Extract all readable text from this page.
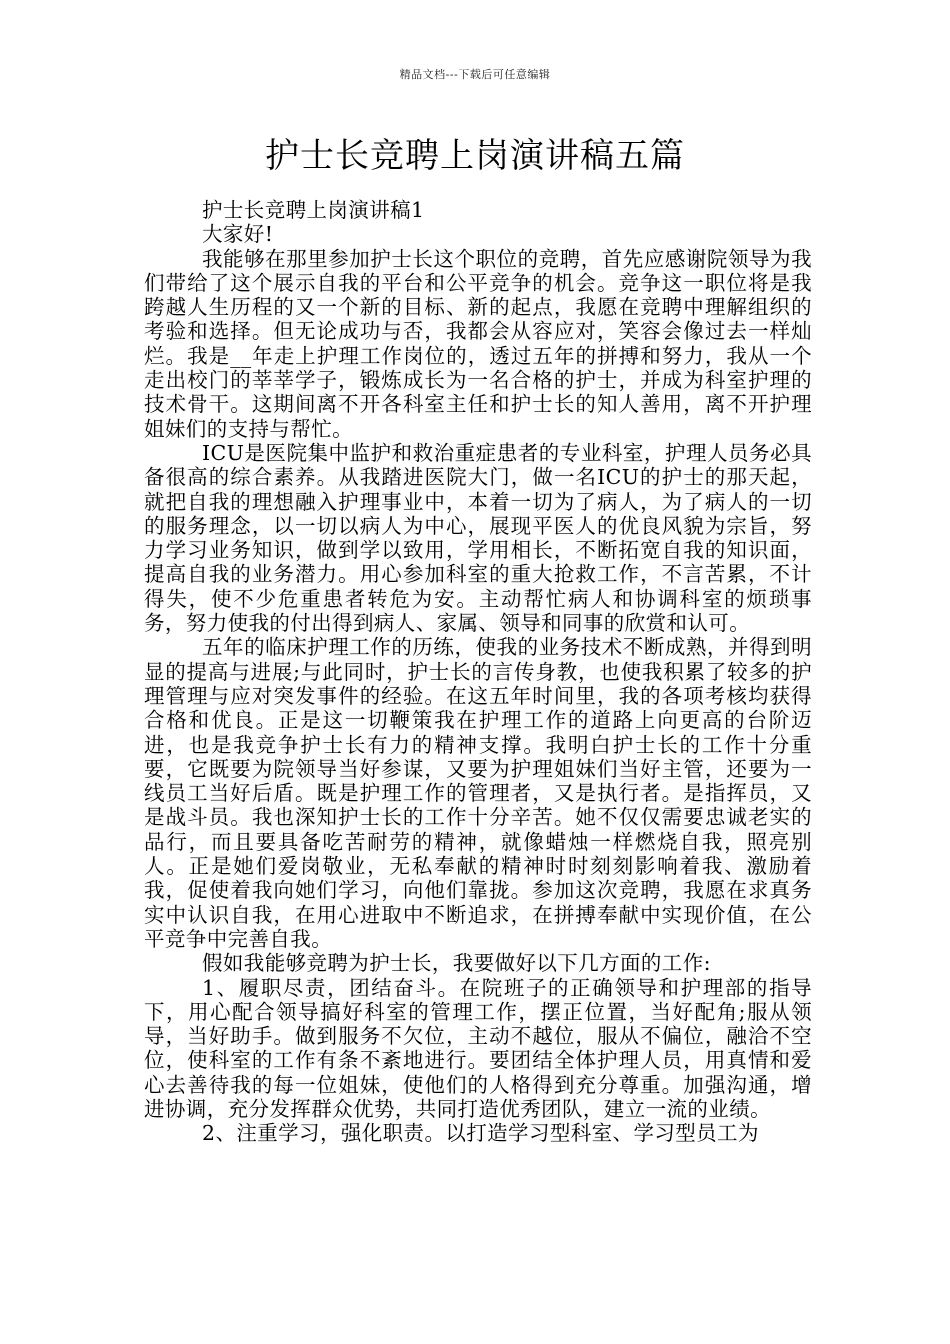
精品文档---下载后可任意编辑
护士长竞聘上岗演讲稿五篇

护士长竞聘上岗演讲稿1

大家好!

我能够在那里参加护士长这个职位的竞聘，首先应感谢院领导为我们带给了这个展示自我的平台和公平竞争的机会。竞争这一职位将是我跨越人生历程的又一个新的目标、新的起点，我愿在竞聘中理解组织的考验和选择。但无论成功与否，我都会从容应对，笑容会像过去一样灿烂。我是__年走上护理工作岗位的，透过五年的拼搏和努力，我从一个走出校门的莘莘学子，锻炼成长为一名合格的护士，并成为科室护理的技术骨干。这期间离不开各科室主任和护士长的知人善用，离不开护理姐妹们的支持与帮忙。

ICU是医院集中监护和救治重症患者的专业科室，护理人员务必具备很高的综合素养。从我踏进医院大门，做一名ICU的护士的那天起，就把自我的理想融入护理事业中，本着一切为了病人，为了病人的一切的服务理念，以一切以病人为中心，展现平医人的优良风貌为宗旨，努力学习业务知识，做到学以致用，学用相长，不断拓宽自我的知识面，提高自我的业务潜力。用心参加科室的重大抢救工作，不言苦累，不计得失，使不少危重患者转危为安。主动帮忙病人和协调科室的烦琐事务，努力使我的付出得到病人、家属、领导和同事的欣赏和认可。

五年的临床护理工作的历练，使我的业务技术不断成熟，并得到明显的提高与进展;与此同时，护士长的言传身教，也使我积累了较多的护理管理与应对突发事件的经验。在这五年时间里，我的各项考核均获得合格和优良。正是这一切鞭策我在护理工作的道路上向更高的台阶迈进，也是我竞争护士长有力的精神支撑。我明白护士长的工作十分重要，它既要为院领导当好参谋，又要为护理姐妹们当好主管，还要为一线员工当好后盾。既是护理工作的管理者，又是执行者。是指挥员，又是战斗员。我也深知护士长的工作十分辛苦。她不仅仅需要忠诚老实的品行，而且要具备吃苦耐劳的精神，就像蜡烛一样燃烧自我，照亮别人。正是她们爱岗敬业，无私奉献的精神时时刻刻影响着我、激励着我，促使着我向她们学习，向他们靠拢。参加这次竞聘，我愿在求真务实中认识自我，在用心进取中不断追求，在拼搏奉献中实现价值，在公平竞争中完善自我。

假如我能够竞聘为护士长，我要做好以下几方面的工作:

1、履职尽责，团结奋斗。在院班子的正确领导和护理部的指导下，用心配合领导搞好科室的管理工作，摆正位置，当好配角;服从领导，当好助手。做到服务不欠位，主动不越位，服从不偏位，融洽不空位，使科室的工作有条不紊地进行。要团结全体护理人员，用真情和爱心去善待我的每一位姐妹，使他们的人格得到充分尊重。加强沟通，增进协调，充分发挥群众优势，共同打造优秀团队，建立一流的业绩。

2、注重学习，强化职责。以打造学习型科室、学习型员工为
